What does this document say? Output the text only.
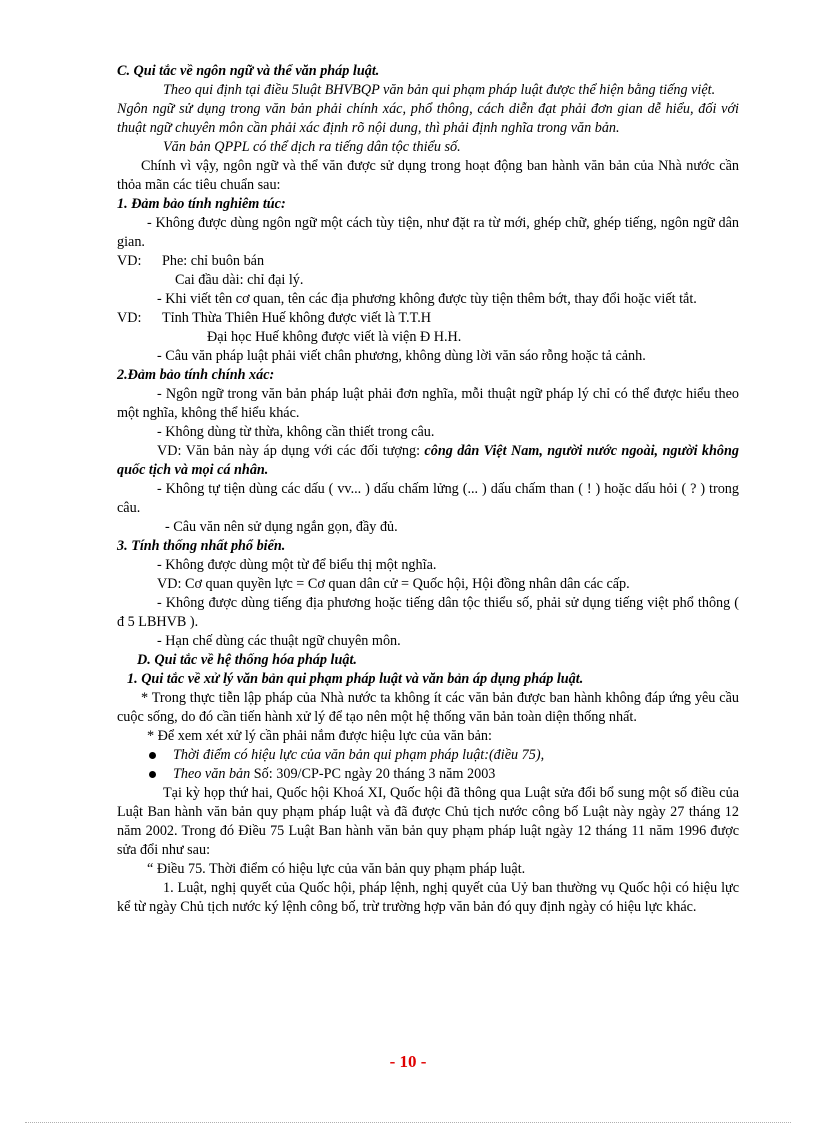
C. Qui tắc về ngôn ngữ và thể văn pháp luật.

Theo qui định tại điều 5luật BHVBQP văn bản qui phạm pháp luật được thể hiện bằng tiếng việt.

Ngôn ngữ sử dụng trong văn bản phải chính xác, phổ thông, cách diễn đạt phải đơn gian dễ hiểu, đối với thuật ngữ chuyên môn cần phải xác định rõ nội dung, thì phải định nghĩa trong văn bản.

Văn bản QPPL có thể dịch ra tiếng dân tộc thiểu số.

Chính vì vậy, ngôn ngữ và thể văn được sử dụng trong hoạt động ban hành văn bản của Nhà nước cần thỏa mãn các tiêu chuẩn sau:

1. Đảm bảo tính nghiêm túc:

- Không được dùng ngôn ngữ một cách tùy tiện, như đặt ra từ mới, ghép chữ, ghép tiếng, ngôn ngữ dân gian.

VD:	Phe: chỉ buôn bán

Cai đầu dài: chỉ đại lý.

- Khi viết tên cơ quan, tên các địa phương không được tùy tiện thêm bớt, thay đổi hoặc viết tắt.

VD:	Tỉnh Thừa Thiên Huế không được viết là T.T.H

Đại học Huế không được viết là viện Đ H.H.

- Câu văn pháp luật phải viết chân phương, không dùng lời văn sáo rỗng hoặc tả cảnh.

2.Đảm bảo tính chính xác:

- Ngôn ngữ trong văn bản pháp luật phải đơn nghĩa, mỗi thuật ngữ pháp lý chỉ có thể được hiểu theo một nghĩa, không thể hiểu khác.

- Không dùng từ thừa, không cần thiết trong câu.

VD: Văn bản này áp dụng với các đối tượng: công dân Việt Nam, người nước ngoài, người không quốc tịch và mọi cá nhân.

- Không tự tiện dùng các dấu ( vv... ) dấu chấm lửng (... ) dấu chấm than ( ! ) hoặc dấu hỏi ( ? ) trong câu.

- Câu văn nên sử dụng ngắn gọn, đầy đủ.

3. Tính thống nhất phổ biến.

- Không được dùng một từ để biểu thị một nghĩa.

VD: Cơ quan quyền lực = Cơ quan dân cử = Quốc hội, Hội đồng nhân dân các cấp.

- Không được dùng tiếng địa phương hoặc tiếng dân tộc thiểu số, phải sử dụng tiếng việt phổ thông ( đ 5 LBHVB ).

- Hạn chế dùng các thuật ngữ chuyên môn.

D. Qui tắc về hệ thống hóa pháp luật.

1. Qui tắc về xử lý văn bản qui phạm pháp luật và văn bản áp dụng pháp luật.

* Trong thực tiễn lập pháp của Nhà nước ta không ít các văn bản được ban hành không đáp ứng yêu cầu cuộc sống, do đó cần tiến hành xử lý để tạo nên một hệ thống văn bản toàn diện thống nhất.

* Để xem xét xử lý cần phải nắm được hiệu lực của văn bản:

Thời điểm có hiệu lực của văn bản qui phạm pháp luật:(điều 75),

Theo văn bản Số: 309/CP-PC ngày 20 tháng 3 năm 2003

Tại kỳ họp thứ hai, Quốc hội Khoá XI, Quốc hội đã thông qua Luật sửa đổi bổ sung một số điều của Luật Ban hành văn bản quy phạm pháp luật và đã được Chủ tịch nước công bố Luật này ngày 27 tháng 12 năm 2002. Trong đó Điều 75 Luật Ban hành văn bản quy phạm pháp luật ngày 12 tháng 11 năm 1996 được sửa đổi như sau:

“ Điều 75. Thời điểm có hiệu lực của văn bản quy phạm pháp luật.

1. Luật, nghị quyết của Quốc hội, pháp lệnh, nghị quyết của Uỷ ban thường vụ Quốc hội có hiệu lực kể từ ngày Chủ tịch nước ký lệnh công bố, trừ trường hợp văn bản đó quy định ngày có hiệu lực khác.

- 10 -
